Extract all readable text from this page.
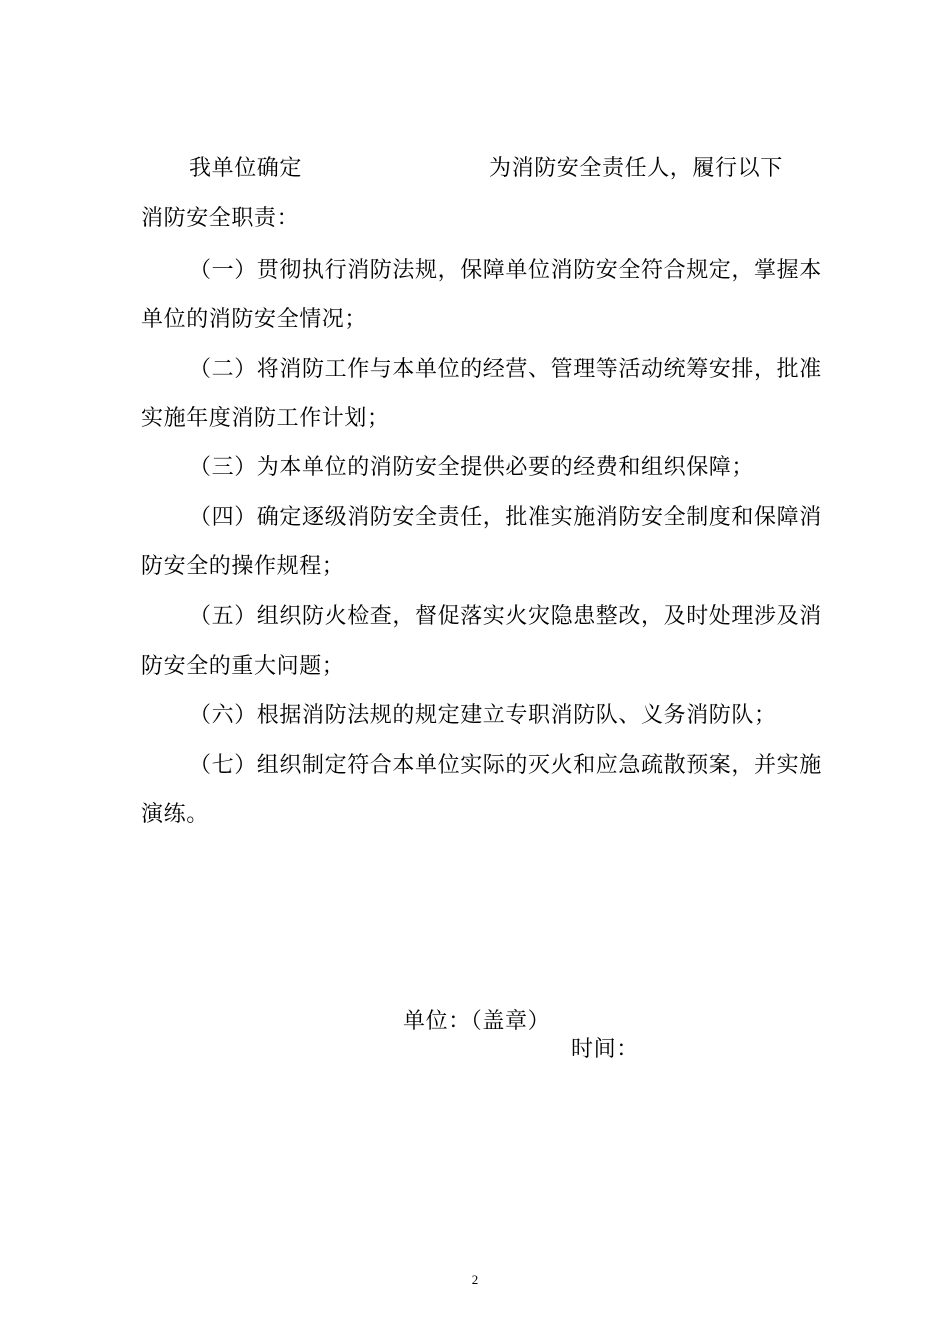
我单位确定	为消防安全责任人，履行以下
消防安全职责：
（一）贯彻执行消防法规，保障单位消防安全符合规定，掌握本
单位的消防安全情况；
（二）将消防工作与本单位的经营、管理等活动统筹安排，批准
实施年度消防工作计划；
（三）为本单位的消防安全提供必要的经费和组织保障；
（四）确定逐级消防安全责任，批准实施消防安全制度和保障消
防安全的操作规程；
（五）组织防火检查，督促落实火灾隐患整改，及时处理涉及消
防安全的重大问题；
（六）根据消防法规的规定建立专职消防队、义务消防队；
（七）组织制定符合本单位实际的灭火和应急疏散预案，并实施
演练。
单位：（盖章）
时间：
2
